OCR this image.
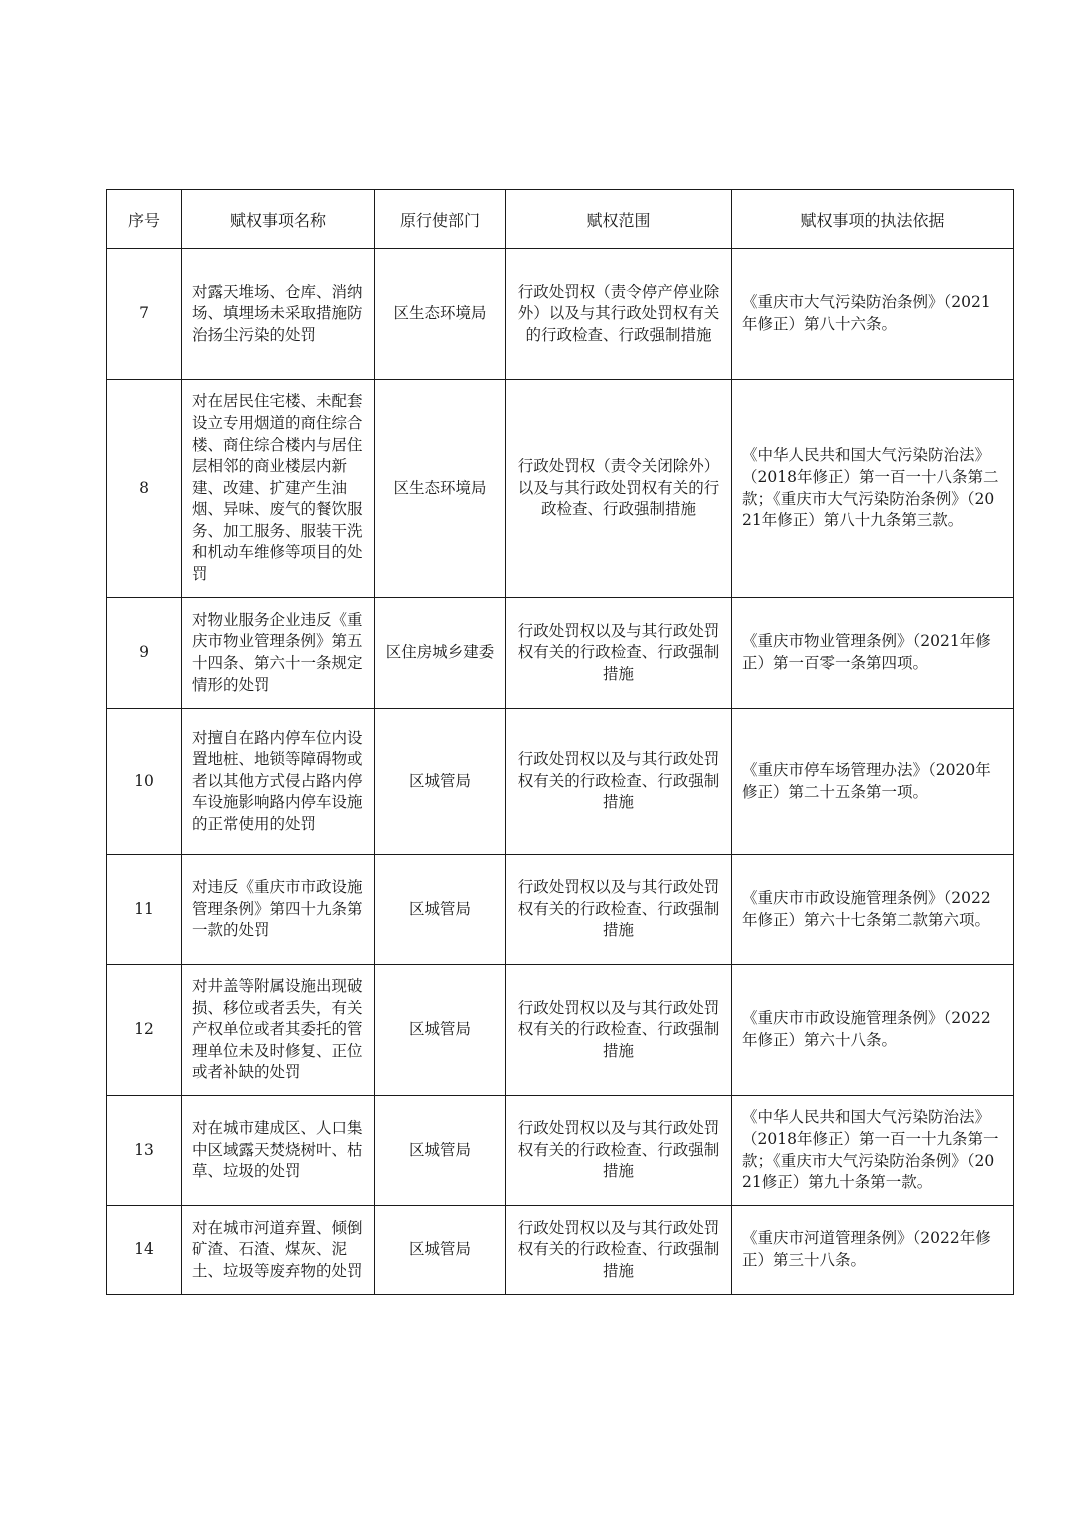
序号	赋权事项名称	原行使部门	赋权范围	赋权事项的执法依据
7	对露天堆场、仓库、消纳场、填埋场未采取措施防治扬尘污染的处罚	区生态环境局	行政处罚权（责令停产停业除外）以及与其行政处罚权有关的行政检查、行政强制措施	《重庆市大气污染防治条例》（2021年修正）第八十六条。
8	对在居民住宅楼、未配套设立专用烟道的商住综合楼、商住综合楼内与居住层相邻的商业楼层内新建、改建、扩建产生油烟、异味、废气的餐饮服务、加工服务、服装干洗和机动车维修等项目的处罚	区生态环境局	行政处罚权（责令关闭除外）以及与其行政处罚权有关的行政检查、行政强制措施	《中华人民共和国大气污染防治法》（2018年修正）第一百一十八条第二款；《重庆市大气污染防治条例》（2021年修正）第八十九条第三款。
9	对物业服务企业违反《重庆市物业管理条例》第五十四条、第六十一条规定情形的处罚	区住房城乡建委	行政处罚权以及与其行政处罚权有关的行政检查、行政强制措施	《重庆市物业管理条例》（2021年修正）第一百零一条第四项。
10	对擅自在路内停车位内设置地桩、地锁等障碍物或者以其他方式侵占路内停车设施影响路内停车设施的正常使用的处罚	区城管局	行政处罚权以及与其行政处罚权有关的行政检查、行政强制措施	《重庆市停车场管理办法》（2020年修正）第二十五条第一项。
11	对违反《重庆市市政设施管理条例》第四十九条第一款的处罚	区城管局	行政处罚权以及与其行政处罚权有关的行政检查、行政强制措施	《重庆市市政设施管理条例》（2022年修正）第六十七条第二款第六项。
12	对井盖等附属设施出现破损、移位或者丢失，有关产权单位或者其委托的管理单位未及时修复、正位或者补缺的处罚	区城管局	行政处罚权以及与其行政处罚权有关的行政检查、行政强制措施	《重庆市市政设施管理条例》（2022年修正）第六十八条。
13	对在城市建成区、人口集中区域露天焚烧树叶、枯草、垃圾的处罚	区城管局	行政处罚权以及与其行政处罚权有关的行政检查、行政强制措施	《中华人民共和国大气污染防治法》（2018年修正）第一百一十九条第一款；《重庆市大气污染防治条例》（2021修正）第九十条第一款。
14	对在城市河道弃置、倾倒矿渣、石渣、煤灰、泥土、垃圾等废弃物的处罚	区城管局	行政处罚权以及与其行政处罚权有关的行政检查、行政强制措施	《重庆市河道管理条例》（2022年修正）第三十八条。
